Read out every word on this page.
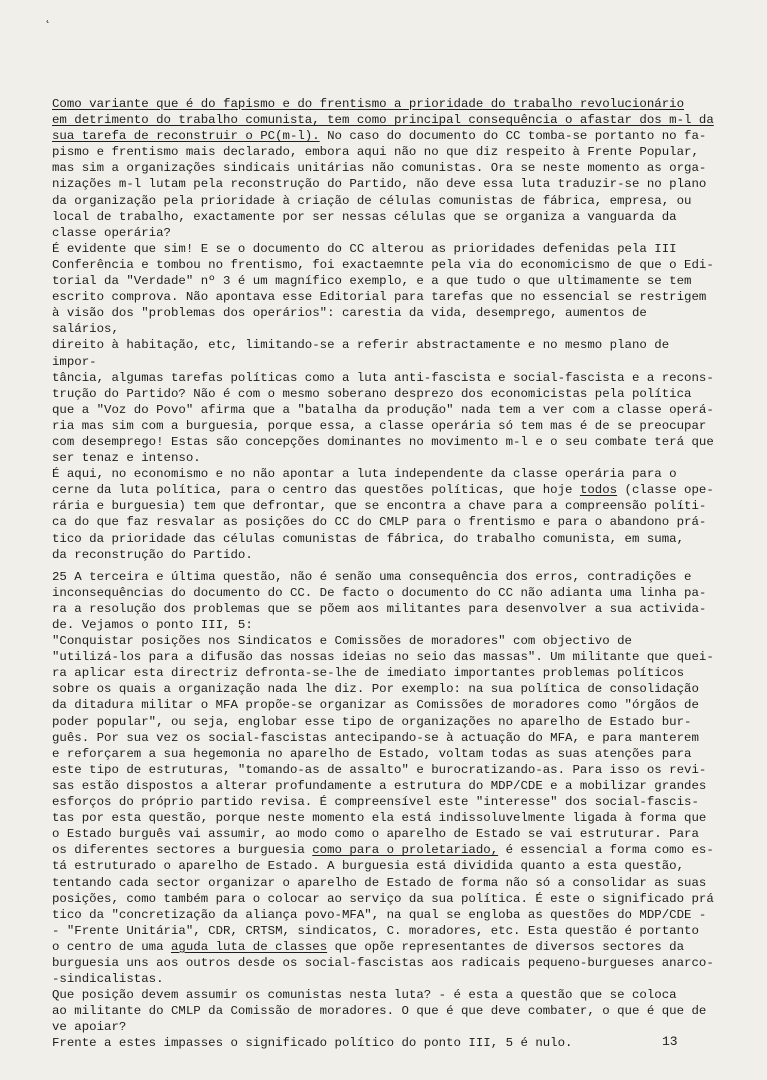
˛

Como variante que é do fapismo e do frentismo a prioridade do trabalho revolucionário
em detrimento do trabalho comunista, tem como principal consequência o afastar dos m-l da
sua tarefa de reconstruir o PC(m-l). No caso do documento do CC tomba-se portanto no fa-
pismo e frentismo mais declarado, embora aqui não no que diz respeito à Frente Popular,
mas sim a organizações sindicais unitárias não comunistas. Ora se neste momento as orga-
nizações m-l lutam pela reconstrução do Partido, não deve essa luta traduzir-se no plano
da organização pela prioridade à criação de células comunistas de fábrica, empresa, ou
local de trabalho, exactamente por ser nessas células que se organiza a vanguarda da
classe operária?

É evidente que sim! E se o documento do CC alterou as prioridades defenidas pela III
Conferência e tombou no frentismo, foi exactaemnte pela via do economicismo de que o Edi-
torial da "Verdade" nº 3 é um magnífico exemplo, e a que tudo o que ultimamente se tem
escrito comprova. Não apontava esse Editorial para tarefas que no essencial se restrigem
à visão dos "problemas dos operários": carestia da vida, desemprego, aumentos de salários,
direito à habitação, etc, limitando-se a referir abstractamente e no mesmo plano de impor-
tância, algumas tarefas políticas como a luta anti-fascista e social-fascista e a recons-
trução do Partido? Não é com o mesmo soberano desprezo dos economicistas pela política
que a "Voz do Povo" afirma que a "batalha da produção" nada tem a ver com a classe operá-
ria mas sim com a burguesia, porque essa, a classe operária só tem mas é de se preocupar
com desemprego! Estas são concepções dominantes no movimento m-l e o seu combate terá que
ser tenaz e intenso.

É aqui, no economismo e no não apontar a luta independente da classe operária para o
cerne da luta política, para o centro das questões políticas, que hoje todos (classe ope-
rária e burguesia) tem que defrontar, que se encontra a chave para a compreensão políti-
ca do que faz resvalar as posições do CC do CMLP para o frentismo e para o abandono prá-
tico da prioridade das células comunistas de fábrica, do trabalho comunista, em suma,
da reconstrução do Partido.

25 A terceira e última questão, não é senão uma consequência dos erros, contradições e
inconsequências do documento do CC. De facto o documento do CC não adianta uma linha pa-
ra a resolução dos problemas que se põem aos militantes para desenvolver a sua activida-
de. Vejamos o ponto III, 5:

"Conquistar posições nos Sindicatos e Comissões de moradores" com objectivo de
"utilizá-los para a difusão das nossas ideias no seio das massas". Um militante que quei-
ra aplicar esta directriz defronta-se-lhe de imediato importantes problemas políticos
sobre os quais a organização nada lhe diz. Por exemplo: na sua política de consolidação
da ditadura militar o MFA propõe-se organizar as Comissões de moradores como "órgãos de
poder popular", ou seja, englobar esse tipo de organizações no aparelho de Estado bur-
guês. Por sua vez os social-fascistas antecipando-se à actuação do MFA, e para manterem
e reforçarem a sua hegemonia no aparelho de Estado, voltam todas as suas atenções para
este tipo de estruturas, "tomando-as de assalto" e burocratizando-as. Para isso os revi-
sas estão dispostos a alterar profundamente a estrutura do MDP/CDE e a mobilizar grandes
esforços do próprio partido revisa. É compreensível este "interesse" dos social-fascis-
tas por esta questão, porque neste momento ela está indissoluvelmente ligada à forma que
o Estado burguês vai assumir, ao modo como o aparelho de Estado se vai estruturar. Para
os diferentes sectores a burguesia como para o proletariado, é essencial a forma como es-
tá estruturado o aparelho de Estado. A burguesia está dividida quanto a esta questão,
tentando cada sector organizar o aparelho de Estado de forma não só a consolidar as suas
posições, como também para o colocar ao serviço da sua política. É este o significado prá
tico da "concretização da aliança povo-MFA", na qual se engloba as questões do MDP/CDE -
- "Frente Unitária", CDR, CRTSM, sindicatos, C. moradores, etc. Esta questão é portanto
o centro de uma aguda luta de classes que opõe representantes de diversos sectores da
burguesia uns aos outros desde os social-fascistas aos radicais pequeno-burgueses anarco-
-sindicalistas.

Que posição devem assumir os comunistas nesta luta? - é esta a questão que se coloca
ao militante do CMLP da Comissão de moradores. O que é que deve combater, o que é que de
ve apoiar?

Frente a estes impasses o significado político do ponto III, 5 é nulo.	13
